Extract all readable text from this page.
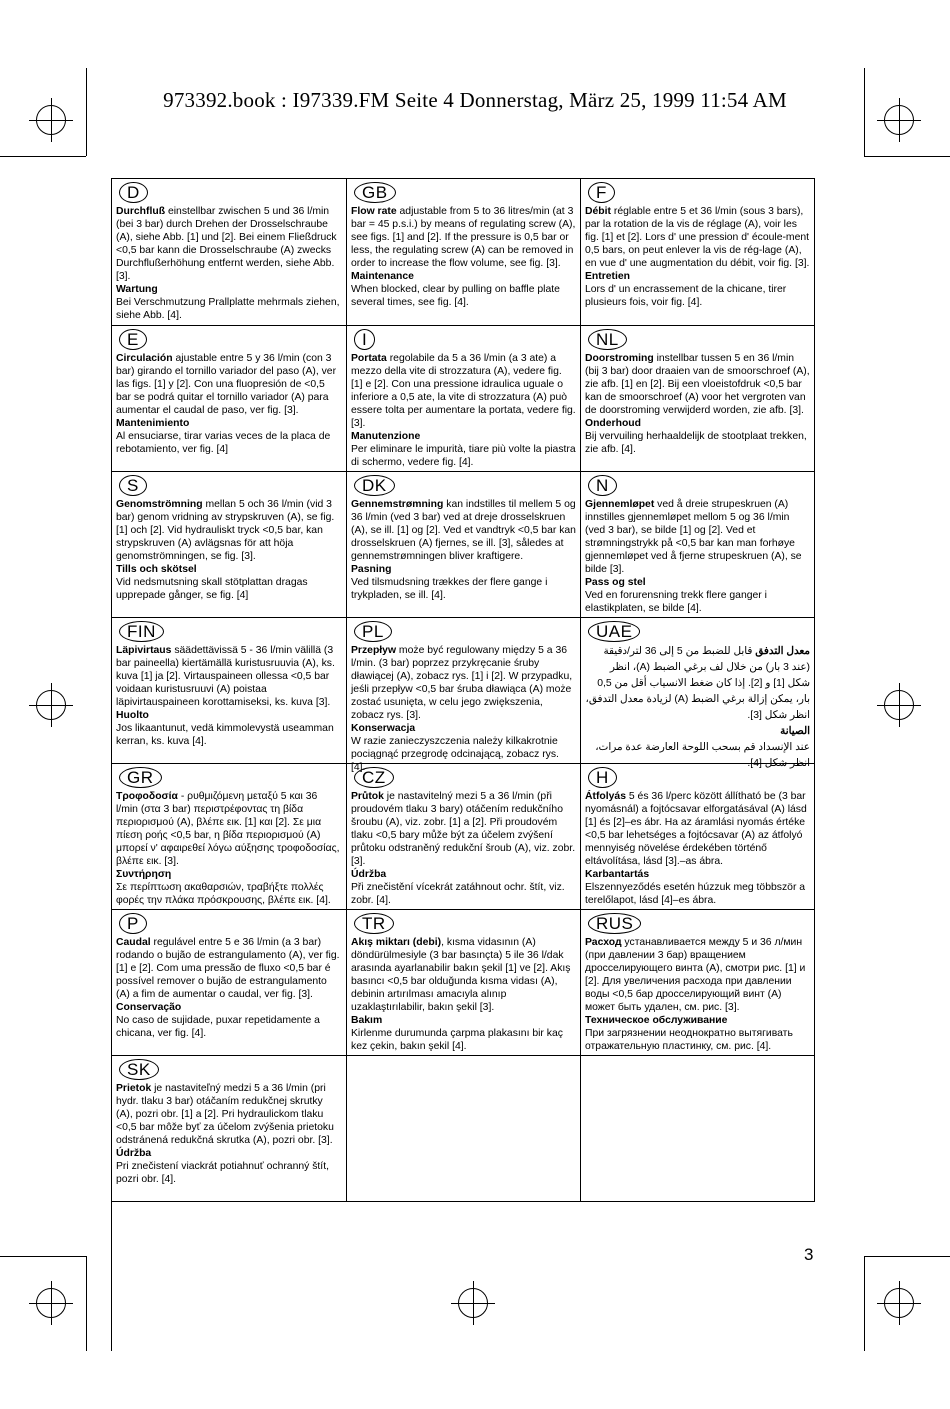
973392.book : I97339.FM Seite 4 Donnerstag, März 25, 1999 11:54 AM
D
Durchfluß einstellbar zwischen 5 und 36 l/min (bei 3 bar) durch Drehen der Drosselschraube (A), siehe Abb. [1] und [2]. Bei einem Fließdruck <0,5 bar kann die Drosselschraube (A) zwecks Durchflußerhöhung entfernt werden, siehe Abb. [3].
Wartung
Bei Verschmutzung Prallplatte mehrmals ziehen, siehe Abb. [4].
GB
Flow rate adjustable from 5 to 36 litres/min (at 3 bar = 45 p.s.i.) by means of regulating screw (A), see figs. [1] and [2]. If the pressure is 0,5 bar or less, the regulating screw (A) can be removed in order to increase the flow volume, see fig. [3].
Maintenance
When blocked, clear by pulling on baffle plate several times, see fig. [4].
F
Débit réglable entre 5 et 36 l/min (sous 3 bars), par la rotation de la vis de réglage (A), voir les fig. [1] et [2]. Lors d' une pression d' écoule-ment 0,5 bars, on peut enlever la vis de rég-lage (A), en vue d' une augmentation du débit, voir fig. [3].
Entretien
Lors d' un encrassement de la chicane, tirer plusieurs fois, voir fig. [4].
E
Circulación ajustable entre 5 y 36 l/min (con 3 bar) girando el tornillo variador del paso (A), ver las figs. [1] y [2]. Con una fluopresión de <0,5 bar se podrá quitar el tornillo variador (A) para aumentar el caudal de paso, ver fig. [3].
Mantenimiento
Al ensuciarse, tirar varias veces de la placa de rebotamiento, ver fig. [4]
I
Portata regolabile da 5 a 36 l/min (a 3 ate) a mezzo della vite di strozzatura (A), vedere fig. [1] e [2]. Con una pressione idraulica uguale o inferiore a 0,5 ate, la vite di strozzatura (A) può essere tolta per aumentare la portata, vedere fig. [3].
Manutenzione
Per eliminare le impurità, tiare più volte la piastra di schermo, vedere fig. [4].
NL
Doorstroming instellbar tussen 5 en 36 l/min (bij 3 bar) door draaien van de smoorschroef (A), zie afb. [1] en [2]. Bij een vloeistofdruk <0,5 bar kan de smoorschroef (A) voor het vergroten van de doorstroming verwijderd worden, zie afb. [3].
Onderhoud
Bij vervuiling herhaaldelijk de stootplaat trekken, zie afb. [4].
S
Genomströmning mellan 5 och 36 l/min (vid 3 bar) genom vridning av strypskruven (A), se fig. [1] och [2]. Vid hydrauliskt tryck <0,5 bar, kan strypskruven (A) avlägsnas för att höja genomströmningen, se fig. [3].
Tills och skötsel
Vid nedsmutsning skall stötplattan dragas upprepade gånger, se fig. [4]
DK
Gennemstrømning kan indstilles til mellem 5 og 36 l/min (ved 3 bar) ved at dreje drosselskruen (A), se ill. [1] og [2]. Ved et vandtryk <0,5 bar kan drosselskruen (A) fjernes, se ill. [3], således at gennemstrømningen bliver kraftigere.
Pasning
Ved tilsmudsning trækkes der flere gange i trykpladen, se ill. [4].
N
Gjennemløpet ved å dreie strupeskruen (A) innstilles gjennemløpet mellom 5 og 36 l/min (ved 3 bar), se bilde [1] og [2]. Ved et strømningstrykk på <0,5 bar kan man forhøye gjennemløpet ved å fjerne strupeskruen (A), se bilde [3].
Pass og stel
Ved en forurensning trekk flere ganger i elastikplaten, se bilde [4].
FIN
Läpivirtaus säädettävissä 5 - 36 l/min välillä (3 bar paineella) kiertämällä kuristusruuvia (A), ks. kuva [1] ja [2]. Virtauspaineen ollessa <0,5 bar voidaan kuristusruuvi (A) poistaa läpivirtauspaineen korottamiseksi, ks. kuva [3].
Huolto
Jos likaantunut, vedä kimmolevystä useamman kerran, ks. kuva [4].
PL
Przepływ może być regulowany między 5 a 36 l/min. (3 bar) poprzez przykręcanie śruby dławiącej (A), zobacz rys. [1] i [2]. W przypadku, jeśli przepływ <0,5 bar śruba dławiąca (A) może zostać usunięta, w celu jego zwiększenia, zobacz rys. [3].
Konserwacja
W razie zanieczyszczenia należy kilkakrotnie pociągnąć przegrodę odcinającą, zobacz rys. [4].
UAE
معدل التدفق قابل للضبط من 5 إلى 36 لتر/دقيقة (عند 3 بار) من خلال لف برغي الضبط (A)، انظر شكل [1] و [2]. إذا كان ضغط الانسياب أقل من 0,5 بار، يمكن إزالة برغي الضبط (A) لزيادة معدل التدفق، انظر شكل [3].
الصيانة
عند الإنسداد قم بسحب اللوحة العارضة عدة مرات، انظر شكل [4].
GR
Τροφοδοσία - ρυθμιζόμενη μεταξύ 5 και 36 l/min (στα 3 bar) περιστρέφοντας τη βίδα περιορισμού (A), βλέπε εικ. [1] και [2]. Σε μια πίεση ροής <0,5 bar, η βίδα περιορισμού (A) μπορεί ν' αφαιρεθεί λόγω αύξησης τροφοδοσίας, βλέπε εικ. [3].
Συντήρηση
Σε περίπτωση ακαθαρσιών, τραβήξτε πολλές φορές την πλάκα πρόσκρουσης, βλέπε εικ. [4].
CZ
Průtok je nastavitelný mezi 5 a 36 l/min (při proudovém tlaku 3 bary) otáčením redukčního šroubu (A), viz. zobr. [1] a [2]. Při proudovém tlaku <0,5 bary může být za účelem zvýšení průtoku odstraněný redukční šroub (A), viz. zobr. [3].
Údržba
Při znečistění vícekrát zatáhnout ochr. štít, viz. zobr. [4].
H
Átfolyás 5 és 36 l/perc között állítható be (3 bar nyomásnál) a fojtócsavar elforgatásával (A) lásd [1] és [2]–es ábr. Ha az áramlási nyomás értéke <0,5 bar lehetséges a fojtócsavar (A) az átfolyó mennyiség növelése érdekében történő eltávolítása, lásd [3].–as ábra.
Karbantartás
Elszennyeződés esetén húzzuk meg többször a terelőlapot, lásd [4]–es ábra.
P
Caudal regulável entre 5 e 36 l/min (a 3 bar) rodando o bujão de estrangulamento (A), ver fig. [1] e [2]. Com uma pressão de fluxo <0,5 bar é possível remover o bujão de estrangulamento (A) a fim de aumentar o caudal, ver fig. [3].
Conservação
No caso de sujidade, puxar repetidamente a chicana, ver fig. [4].
TR
Akış miktarı (debi), kısma vidasının (A) döndürülmesiyle (3 bar basınçta) 5 ile 36 l/dak arasında ayarlanabilir bakın şekil [1] ve [2]. Akış basıncı <0,5 bar olduğunda kısma vidası (A), debinin artırılması amacıyla alınıp uzaklaştırılabilir, bakın şekil [3].
Bakım
Kirlenme durumunda çarpma plakasını bir kaç kez çekin, bakın şekil [4].
RUS
Расход устанавливается между 5 и 36 л/мин (при давлении 3 бар) вращением дросселирующего винта (A), смотри рис. [1] и [2]. Для увеличения расхода при давлении воды <0,5 бар дросселирующий винт (A) может быть удален, см. рис. [3].
Техническое обслуживание
При загрязнении неоднократно вытягивать отражательную пластинку, см. рис. [4].
SK
Prietok je nastaviteľný medzi 5 a 36 l/min (pri hydr. tlaku 3 bar) otáčaním redukčnej skrutky (A), pozri obr. [1] a [2]. Pri hydraulickom tlaku <0,5 bar môže byť za účelom zvýšenia prietoku odstránená redukčná skrutka (A), pozri obr. [3].
Údržba
Pri znečistení viackrát potiahnuť ochranný štít, pozri obr. [4].
3
